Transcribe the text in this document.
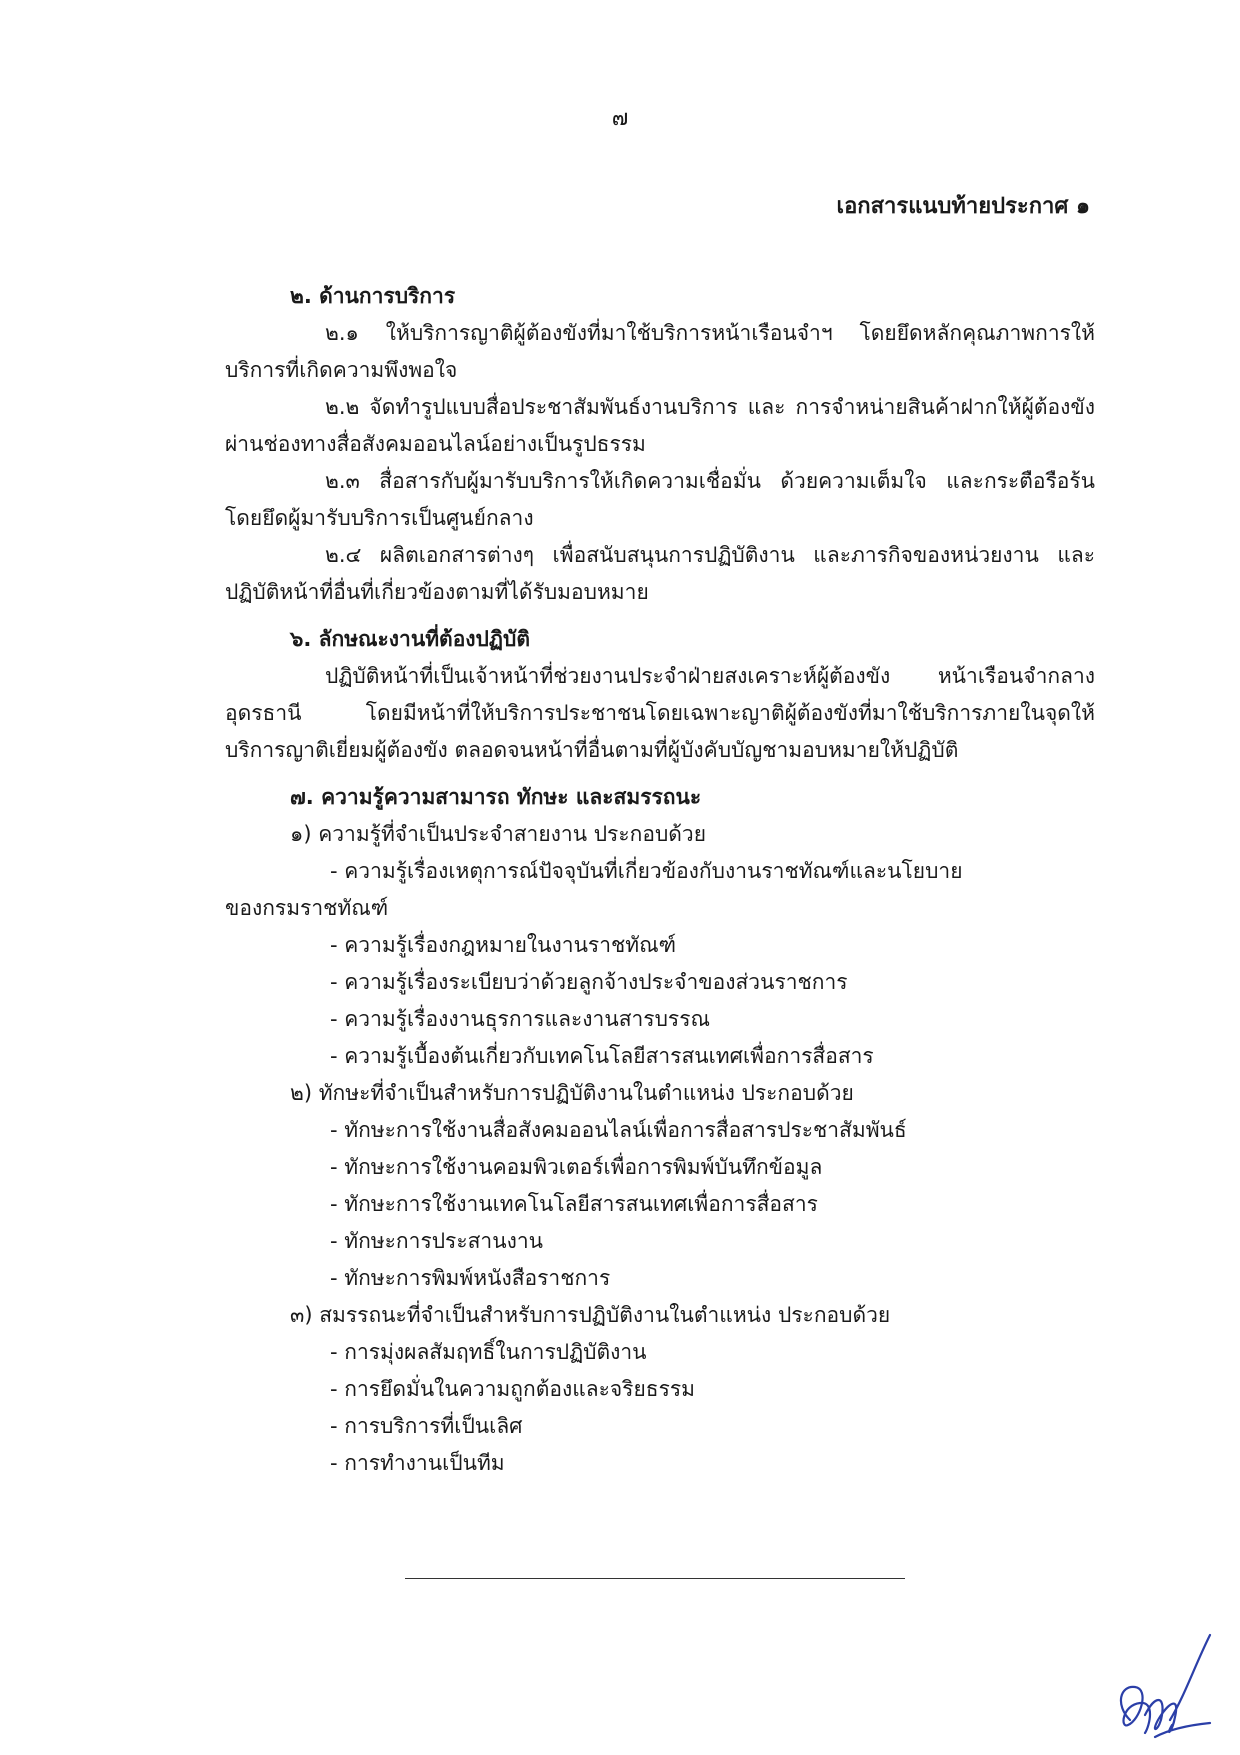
๗
เอกสารแนบท้ายประกาศ ๑

๒. ด้านการบริการ

๒.๑ ให้บริการญาติผู้ต้องขังที่มาใช้บริการหน้าเรือนจำฯ โดยยึดหลักคุณภาพการให้บริการที่เกิดความพึงพอใจ

๒.๒ จัดทำรูปแบบสื่อประชาสัมพันธ์งานบริการ และ การจำหน่ายสินค้าฝากให้ผู้ต้องขังผ่านช่องทางสื่อสังคมออนไลน์อย่างเป็นรูปธรรม

๒.๓ สื่อสารกับผู้มารับบริการให้เกิดความเชื่อมั่น ด้วยความเต็มใจ และกระตือรือร้น โดยยึดผู้มารับบริการเป็นศูนย์กลาง

๒.๔ ผลิตเอกสารต่างๆ เพื่อสนับสนุนการปฏิบัติงาน และภารกิจของหน่วยงาน และปฏิบัติหน้าที่อื่นที่เกี่ยวข้องตามที่ได้รับมอบหมาย

๖. ลักษณะงานที่ต้องปฏิบัติ

ปฏิบัติหน้าที่เป็นเจ้าหน้าที่ช่วยงานประจำฝ่ายสงเคราะห์ผู้ต้องขัง หน้าเรือนจำกลางอุดรธานี โดยมีหน้าที่ให้บริการประชาชนโดยเฉพาะญาติผู้ต้องขังที่มาใช้บริการภายในจุดให้บริการญาติเยี่ยมผู้ต้องขัง ตลอดจนหน้าที่อื่นตามที่ผู้บังคับบัญชามอบหมายให้ปฏิบัติ

๗. ความรู้ความสามารถ ทักษะ และสมรรถนะ

๑) ความรู้ที่จำเป็นประจำสายงาน ประกอบด้วย

- ความรู้เรื่องเหตุการณ์ปัจจุบันที่เกี่ยวข้องกับงานราชทัณฑ์และนโยบาย

ของกรมราชทัณฑ์

- ความรู้เรื่องกฎหมายในงานราชทัณฑ์

- ความรู้เรื่องระเบียบว่าด้วยลูกจ้างประจำของส่วนราชการ

- ความรู้เรื่องงานธุรการและงานสารบรรณ

- ความรู้เบื้องต้นเกี่ยวกับเทคโนโลยีสารสนเทศเพื่อการสื่อสาร

๒) ทักษะที่จำเป็นสำหรับการปฏิบัติงานในตำแหน่ง ประกอบด้วย

- ทักษะการใช้งานสื่อสังคมออนไลน์เพื่อการสื่อสารประชาสัมพันธ์

- ทักษะการใช้งานคอมพิวเตอร์เพื่อการพิมพ์บันทึกข้อมูล

- ทักษะการใช้งานเทคโนโลยีสารสนเทศเพื่อการสื่อสาร

- ทักษะการประสานงาน

- ทักษะการพิมพ์หนังสือราชการ

๓) สมรรถนะที่จำเป็นสำหรับการปฏิบัติงานในตำแหน่ง ประกอบด้วย

- การมุ่งผลสัมฤทธิ์ในการปฏิบัติงาน

- การยึดมั่นในความถูกต้องและจริยธรรม

- การบริการที่เป็นเลิศ

- การทำงานเป็นทีม
